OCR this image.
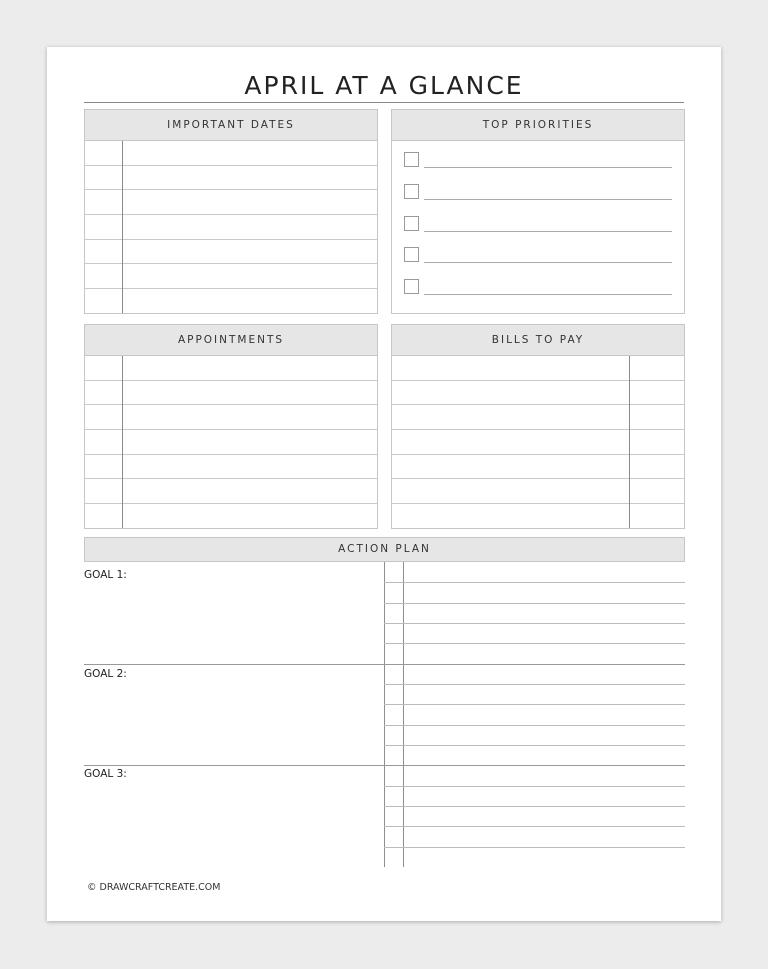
APRIL AT A GLANCE
IMPORTANT DATES	TOP PRIORITIES
APPOINTMENTS	BILLS TO PAY
ACTION PLAN
GOAL 1:
GOAL 2:
GOAL 3:
© DRAWCRAFTCREATE.COM
